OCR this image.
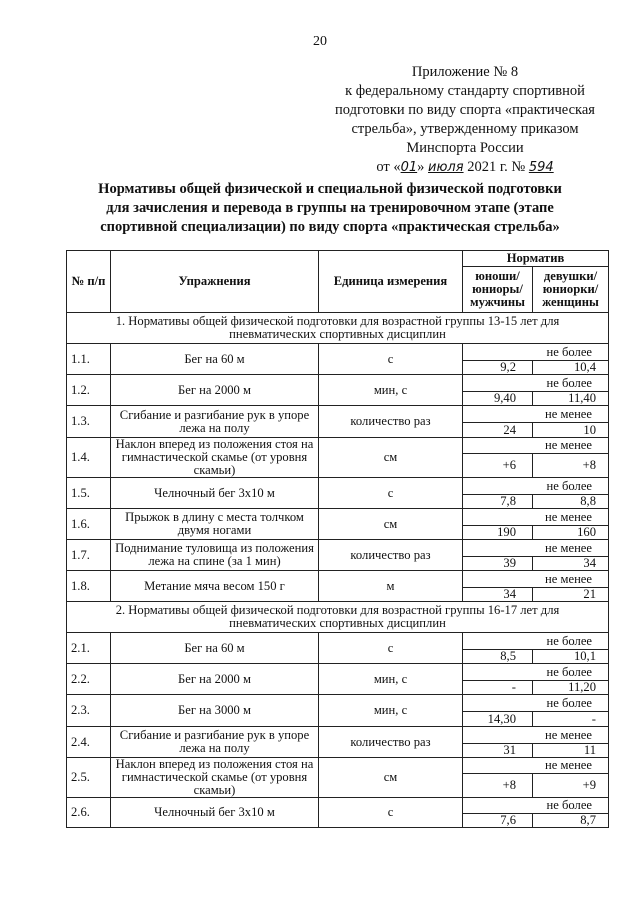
20
Приложение № 8
к федеральному стандарту спортивной
подготовки по виду спорта «практическая
стрельба», утвержденному приказом
Минспорта России
от «01» июля 2021 г. № 594
Нормативы общей физической и специальной физической подготовки
для зачисления и перевода в группы на тренировочном этапе (этапе
спортивной специализации) по виду спорта «практическая стрельба»
№ п/п	Упражнения	Единица измерения	Норматив	
			юноши/ юниоры/ мужчины	девушки/ юниорки/ женщины
1. Нормативы общей физической подготовки для возрастной группы 13-15 лет для пневматических спортивных дисциплин				
1.1.	Бег на 60 м	с	не более	
			9,2	10,4
1.2.	Бег на 2000 м	мин, с	не более	
			9,40	11,40
1.3.	Сгибание и разгибание рук в упоре лежа на полу	количество раз	не менее	
			24	10
1.4.	Наклон вперед из положения стоя на гимнастической скамье (от уровня скамьи)	см	не менее	
			+6	+8
1.5.	Челночный бег 3х10 м	с	не более	
			7,8	8,8
1.6.	Прыжок в длину с места толчком двумя ногами	см	не менее	
			190	160
1.7.	Поднимание туловища из положения лежа на спине (за 1 мин)	количество раз	не менее	
			39	34
1.8.	Метание мяча весом 150 г	м	не менее	
			34	21
2. Нормативы общей физической подготовки для возрастной группы 16-17 лет для пневматических спортивных дисциплин				
2.1.	Бег на 60 м	с	не более	
			8,5	10,1
2.2.	Бег на 2000 м	мин, с	не более	
			-	11,20
2.3.	Бег на 3000 м	мин, с	не более	
			14,30	-
2.4.	Сгибание и разгибание рук в упоре лежа на полу	количество раз	не менее	
			31	11
2.5.	Наклон вперед из положения стоя на гимнастической скамье (от уровня скамьи)	см	не менее	
			+8	+9
2.6.	Челночный бег 3х10 м	с	не более	
			7,6	8,7
